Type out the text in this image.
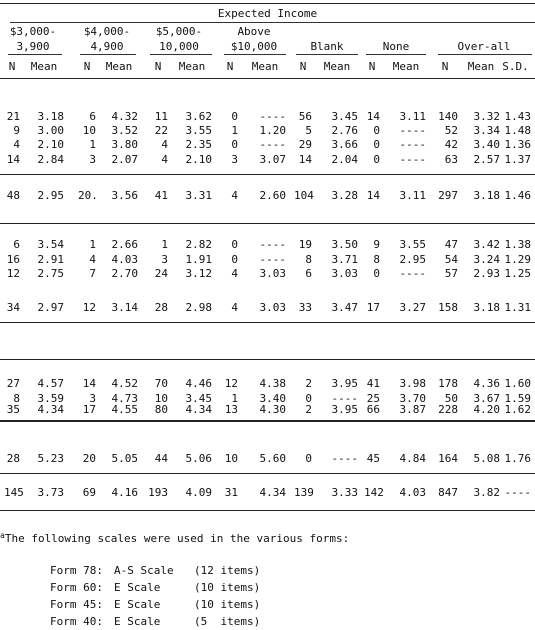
Expected Income
$3,000-	$4,000-	$5,000-	Above
3,900	4,900	10,000	$10,000	Blank	None	Over-all
N	Mean	N	Mean	N	Mean	N	Mean	N	Mean	N	Mean	N	Mean S.D.
21	3.18	6	4.32	11	3.62	0	----	56	3.45 14	3.11	140	3.32 1.43
9	3.00	10	3.52	22	3.55	1	1.20	5	2.76	0	----	52	3.34 1.48
4	2.10	1	3.80	4	2.35	0	----	29	3.66	0	----	42	3.40 1.36
14	2.84	3	2.07	4	2.10	3	3.07	14	2.04	0	----	63	2.57 1.37
48	2.95 20.	3.56	41	3.31	4	2.60 104	3.28 14	3.11	297	3.18 1.46
6	3.54	1	2.66	1	2.82	0	----	19	3.50	9	3.55	47	3.42 1.38
16	2.91	4	4.03	3	1.91	0	----	8	3.71	8	2.95	54	3.24 1.29
12	2.75	7	2.70	24	3.12	4	3.03	6	3.03	0	----	57	2.93 1.25
34	2.97	12	3.14	28	2.98	4	3.03	33	3.47 17	3.27	158	3.18 1.31
27	4.57	14	4.52	70	4.46 12	4.38	2	3.95 41	3.98	178	4.36 1.60
8	3.59	3	4.73	10	3.45	1	3.40	0	---- 25	3.70	50	3.67 1.59
35	4.34	17	4.55	80	4.34 13	4.30	2	3.95 66	3.87	228	4.20 1.62
28	5.23	20	5.05	44	5.06 10	5.60	0	---- 45	4.84	164	5.08 1.76
145	3.73	69	4.16 193	4.09 31	4.34 139	3.33 142	4.03	847	3.82 ----
$^a$The following scales were used in the various forms:
Form 78: A-S Scale (12 items)
Form 60: E Scale	(10 items)
Form 45: E Scale	(10 items)
Form 40: E Scale	(5  items)
